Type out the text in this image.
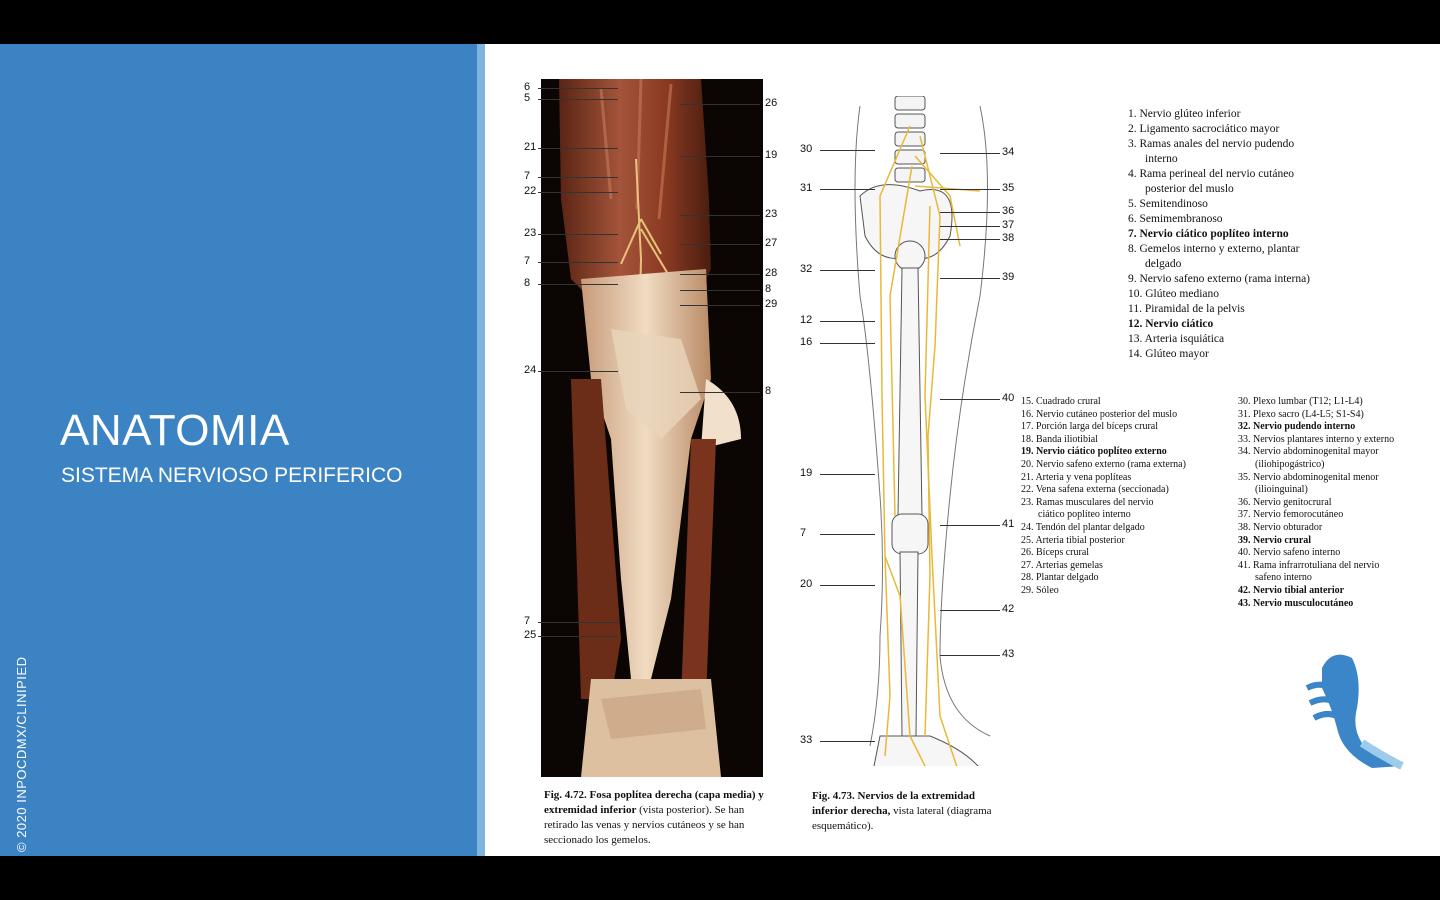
ANATOMIA
SISTEMA NERVIOSO PERIFERICO
© 2020 INPOCDMX/CLINIPIED
6
5
21
7
22
23
7
8
24
7
25
26
19
23
27
28
8
29
8
Fig. 4.72. Fosa poplítea derecha (capa media) y extremidad inferior (vista posterior). Se han retirado las venas y nervios cutáneos y se han seccionado los gemelos.
30
31
32
12
16
19
7
20
33
34
35
36
37
38
39
40
41
42
43
Fig. 4.73. Nervios de la extremidad inferior derecha, vista lateral (diagrama esquemático).
1. Nervio glúteo inferior
2. Ligamento sacrociático mayor
3. Ramas anales del nervio pudendo
interno
4. Rama perineal del nervio cutáneo
posterior del muslo
5. Semitendinoso
6. Semimembranoso
7. Nervio ciático poplíteo interno
8. Gemelos interno y externo, plantar
delgado
9. Nervio safeno externo (rama interna)
10. Glúteo mediano
11. Piramidal de la pelvis
12. Nervio ciático
13. Arteria isquiática
14. Glúteo mayor
15. Cuadrado crural
16. Nervio cutáneo posterior del muslo
17. Porción larga del bíceps crural
18. Banda iliotibial
19. Nervio ciático poplíteo externo
20. Nervio safeno externo (rama externa)
21. Arteria y vena poplíteas
22. Vena safena externa (seccionada)
23. Ramas musculares del nervio
ciático poplíteo interno
24. Tendón del plantar delgado
25. Arteria tibial posterior
26. Bíceps crural
27. Arterias gemelas
28. Plantar delgado
29. Sóleo
30. Plexo lumbar (T12; L1-L4)
31. Plexo sacro (L4-L5; S1-S4)
32. Nervio pudendo interno
33. Nervios plantares interno y externo
34. Nervio abdominogenital mayor
(iliohipogástrico)
35. Nervio abdominogenital menor
(ilioinguinal)
36. Nervio genitocrural
37. Nervio femorocutáneo
38. Nervio obturador
39. Nervio crural
40. Nervio safeno interno
41. Rama infrarrotuliana del nervio
safeno interno
42. Nervio tibial anterior
43. Nervio musculocutáneo
